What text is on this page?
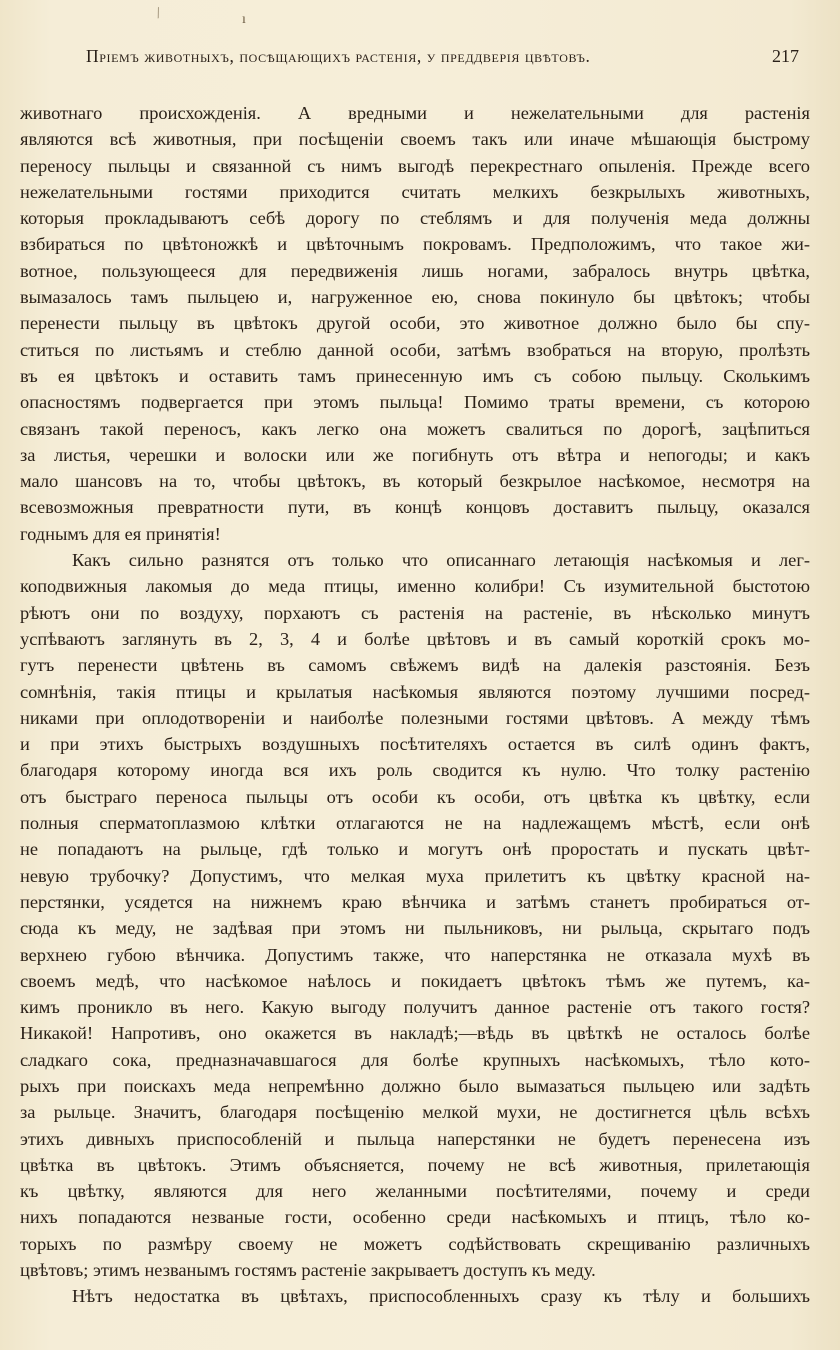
∕	ı
Пріемъ животныхъ, посѣщающихъ растенія, у преддверія цвѣтовъ.	217
животнаго происхожденія. А вредными и нежелательными для растенія
являются всѣ животныя, при посѣщеніи своемъ такъ или иначе мѣшающія быстрому
переносу пыльцы и связанной съ нимъ выгодѣ перекрестнаго опыленія. Прежде всего
нежелательными гостями приходится считать мелкихъ безкрылыхъ животныхъ,
которыя прокладываютъ себѣ дорогу по стеблямъ и для полученія меда должны
взбираться по цвѣтоножкѣ и цвѣточнымъ покровамъ. Предположимъ, что такое жи-
вотное, пользующееся для передвиженія лишь ногами, забралось внутрь цвѣтка,
вымазалось тамъ пыльцею и, нагруженное ею, снова покинуло бы цвѣтокъ; чтобы
перенести пыльцу въ цвѣтокъ другой особи, это животное должно было бы спу-
ститься по листьямъ и стеблю данной особи, затѣмъ взобраться на вторую, пролѣзть
въ ея цвѣтокъ и оставить тамъ принесенную имъ съ собою пыльцу. Сколькимъ
опасностямъ подвергается при этомъ пыльца! Помимо траты времени, съ которою
связанъ такой переносъ, какъ легко она можетъ свалиться по дорогѣ, зацѣпиться
за листья, черешки и волоски или же погибнуть отъ вѣтра и непогоды; и какъ
мало шансовъ на то, чтобы цвѣтокъ, въ который безкрылое насѣкомое, несмотря на
всевозможныя превратности пути, въ концѣ концовъ доставитъ пыльцу, оказался
годнымъ для ея принятія!
Какъ сильно разнятся отъ только что описаннаго летающія насѣкомыя и лег-
коподвижныя лакомыя до меда птицы, именно колибри! Съ изумительной быстотою
рѣютъ они по воздуху, порхаютъ съ растенія на растеніе, въ нѣсколько минутъ
успѣваютъ заглянуть въ 2, 3, 4 и болѣе цвѣтовъ и въ самый короткій срокъ мо-
гутъ перенести цвѣтень въ самомъ свѣжемъ видѣ на далекія разстоянія. Безъ
сомнѣнія, такія птицы и крылатыя насѣкомыя являются поэтому лучшими посред-
никами при оплодотвореніи и наиболѣе полезными гостями цвѣтовъ. А между тѣмъ
и при этихъ быстрыхъ воздушныхъ посѣтителяхъ остается въ силѣ одинъ фактъ,
благодаря которому иногда вся ихъ роль сводится къ нулю. Что толку растенію
отъ быстраго переноса пыльцы отъ особи къ особи, отъ цвѣтка къ цвѣтку, если
полныя спермaтоплазмою клѣтки отлагаются не на надлежащемъ мѣстѣ, если онѣ
не попадаютъ на рыльце, гдѣ только и могутъ онѣ проростать и пускать цвѣт-
невую трубочку? Допустимъ, что мелкая муха прилетитъ къ цвѣтку красной на-
перстянки, усядется на нижнемъ краю вѣнчика и затѣмъ станетъ пробираться от-
сюда къ меду, не задѣвая при этомъ ни пыльниковъ, ни рыльца, скрытаго подъ
верхнею губою вѣнчика. Допустимъ также, что наперстянка не отказала мухѣ въ
своемъ медѣ, что насѣкомое наѣлось и покидаетъ цвѣтокъ тѣмъ же путемъ, ка-
кимъ проникло въ него. Какую выгоду получитъ данное растеніе отъ такого гостя?
Никакой! Напротивъ, оно окажется въ накладѣ;—вѣдь въ цвѣткѣ не осталось болѣе
сладкаго сока, предназначавшагося для болѣе крупныхъ насѣкомыхъ, тѣло кото-
рыхъ при поискахъ меда непремѣнно должно было вымазаться пыльцею или задѣть
за рыльце. Значитъ, благодаря посѣщенію мелкой мухи, не достигнется цѣль всѣхъ
этихъ дивныхъ приспособленій и пыльца наперстянки не будетъ перенесена изъ
цвѣтка въ цвѣтокъ. Этимъ объясняется, почему не всѣ животныя, прилетающія
къ цвѣтку, являются для него желанными посѣтителями, почему и среди
нихъ попадаются незваные гости, особенно среди насѣкомыхъ и птицъ, тѣло ко-
торыхъ по размѣру своему не можетъ содѣйствовать скрещиванію различныхъ
цвѣтовъ; этимъ незванымъ гостямъ растеніе закрываетъ доступъ къ меду.
Нѣтъ недостатка въ цвѣтахъ, приспособленныхъ сразу къ тѣлу и большихъ
